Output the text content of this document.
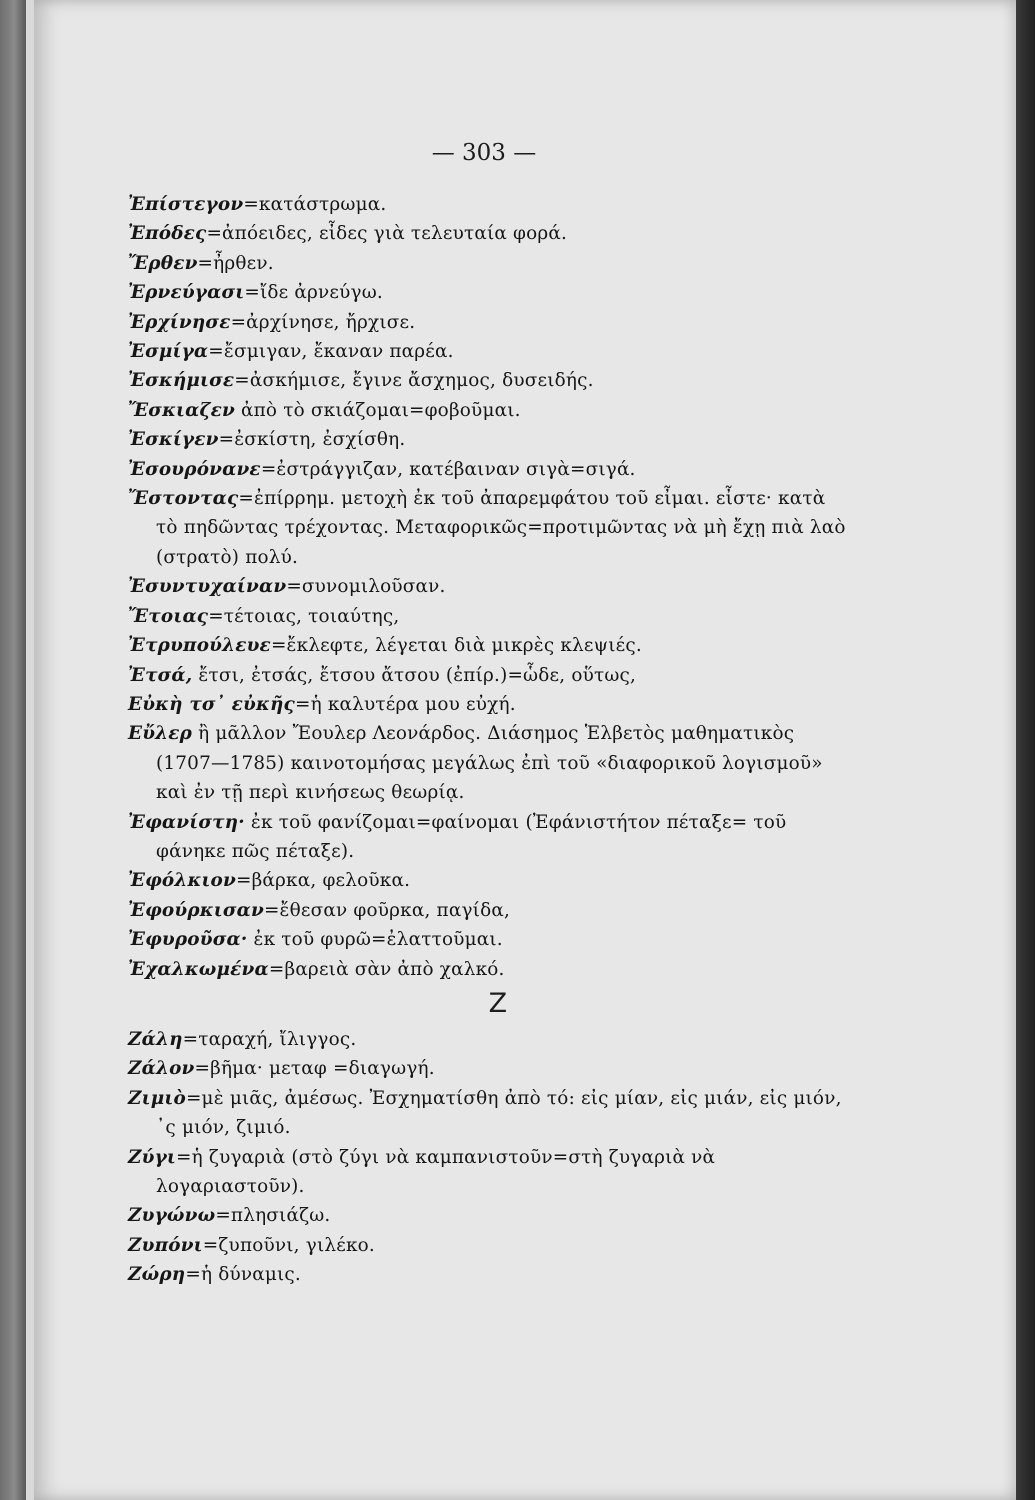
— 303 —
Ἐπίστεγον=κατάστρωμα.
Ἐπόδες=ἀπόειδες, εἶδες γιὰ τελευταία φορά.
Ἔρθεν=ἦρθεν.
Ἐρνεύγασι=ἴδε ἀρνεύγω.
Ἐρχίνησε=ἀρχίνησε, ἤρχισε.
Ἐσμίγα=ἔσμιγαν, ἔκαναν παρέα.
Ἐσκήμισε=ἀσκήμισε, ἔγινε ἄσχημος, δυσειδής.
Ἔσκιαζεν ἀπὸ τὸ σκιάζομαι=φοβοῦμαι.
Ἐσκίγεν=ἐσκίστη, ἐσχίσθη.
Ἐσουρόνανε=ἐστράγγιζαν, κατέβαιναν σιγὰ=σιγά.
Ἔστοντας=ἐπίρρημ. μετοχὴ ἐκ τοῦ ἀπαρεμφάτου τοῦ εἶμαι. εἶστε· κατὰ τὸ πηδῶντας τρέχοντας. Μεταφορικῶς=προτιμῶντας νὰ μὴ ἔχῃ πιὰ λαὸ (στρατὸ) πολύ.
Ἐσυντυχαίναν=συνομιλοῦσαν.
Ἔτοιας=τέτοιας, τοιαύτης,
Ἐτρυπούλευε=ἔκλεφτε, λέγεται διὰ μικρὲς κλεψιές.
Ἐτσά, ἔτσι, ἐτσάς, ἔτσου ἄτσου (ἐπίρ.)=ὧδε, οὕτως,
Εὐκὴ τσ᾿ εὐκῆς=ἡ καλυτέρα μου εὐχή.
Εὔλερ ἢ μᾶλλον Ἔουλερ Λεονάρδος. Διάσημος Ἑλβετὸς μαθηματικὸς (1707—1785) καινοτομήσας μεγάλως ἐπὶ τοῦ «διαφορικοῦ λογισμοῦ» καὶ ἐν τῇ περὶ κινήσεως θεωρίᾳ.
Ἐφανίστη· ἐκ τοῦ φανίζομαι=φαίνομαι (Ἐφάνιστήτον πέταξε= τοῦ φάνηκε πῶς πέταξε).
Ἐφόλκιον=βάρκα, φελοῦκα.
Ἐφούρκισαν=ἔθεσαν φοῦρκα, παγίδα,
Ἐφυροῦσα· ἐκ τοῦ φυρῶ=ἐλαττοῦμαι.
Ἐχαλκωμένα=βαρειὰ σὰν ἀπὸ χαλκό.
Z
Ζάλη=ταραχή, ἴλιγγος.
Ζάλον=βῆμα· μεταφ =διαγωγή.
Ζιμιὸ=μὲ μιᾶς, ἀμέσως. Ἐσχηματίσθη ἀπὸ τό: εἰς μίαν, εἰς μιάν, εἰς μιόν, ᾽ς μιόν, ζιμιό.
Ζύγι=ἡ ζυγαριὰ (στὸ ζύγι νὰ καμπανιστοῦν=στὴ ζυγαριὰ νὰ λογαριαστοῦν).
Ζυγώνω=πλησιάζω.
Ζυπόνι=ζυποῦνι, γιλέκο.
Ζώρη=ἡ δύναμις.
